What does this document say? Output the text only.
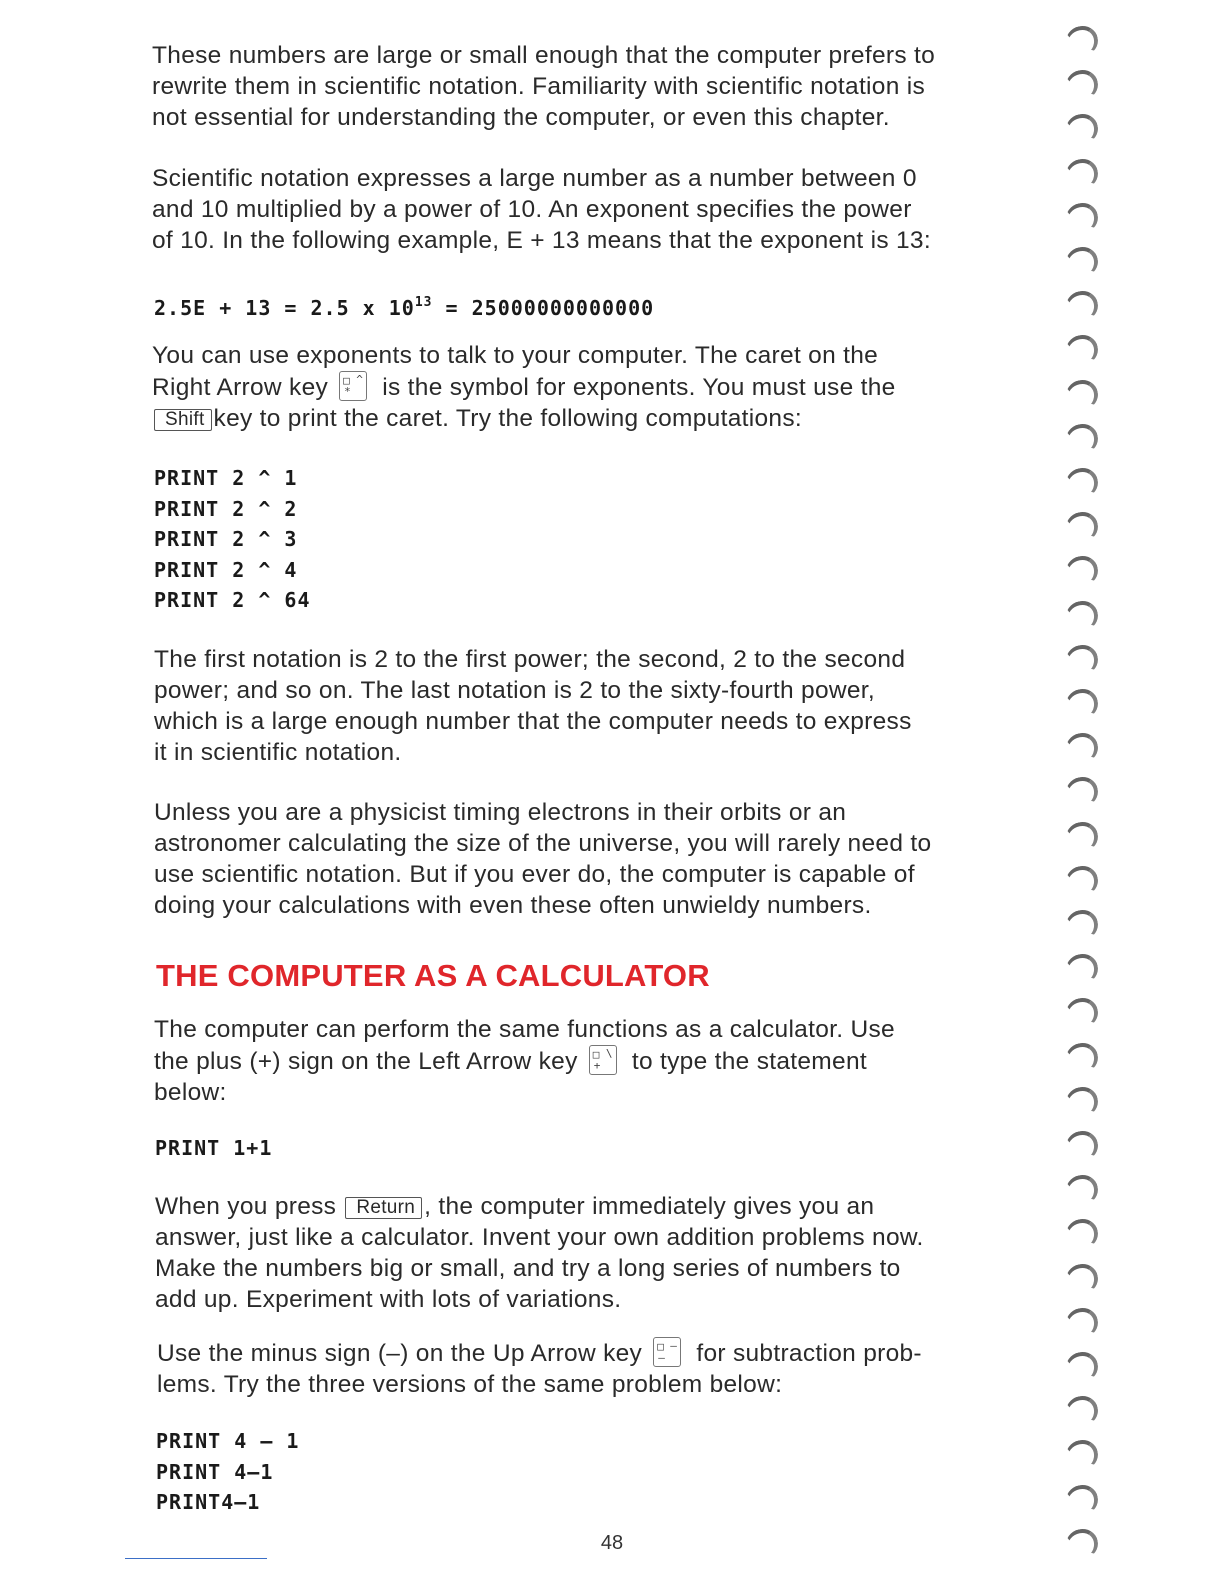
These numbers are large or small enough that the computer prefers to
rewrite them in scientific notation. Familiarity with scientific notation is
not essential for understanding the computer, or even this chapter.

Scientific notation expresses a large number as a number between 0
and 10 multiplied by a power of 10. An exponent specifies the power
of 10. In the following example, E + 13 means that the exponent is 13:

2.5E + 13 = 2.5 x $10^{13} = 25000000000000$

You can use exponents to talk to your computer. The caret on the
Right Arrow key □ ^
* is the symbol for exponents. You must use the
Shift key to print the caret. Try the following computations:

PRINT 2 ^ 1
PRINT 2 ^ 2
PRINT 2 ^ 3
PRINT 2 ^ 4
PRINT 2 ^ 64

The first notation is 2 to the first power; the second, 2 to the second
power; and so on. The last notation is 2 to the sixty-fourth power,
which is a large enough number that the computer needs to express
it in scientific notation.

Unless you are a physicist timing electrons in their orbits or an
astronomer calculating the size of the universe, you will rarely need to
use scientific notation. But if you ever do, the computer is capable of
doing your calculations with even these often unwieldy numbers.

THE COMPUTER AS A CALCULATOR

The computer can perform the same functions as a calculator. Use
the plus (+) sign on the Left Arrow key □ \
+ to type the statement
below:

PRINT 1+1

When you press Return , the computer immediately gives you an
answer, just like a calculator. Invent your own addition problems now.
Make the numbers big or small, and try a long series of numbers to
add up. Experiment with lots of variations.

Use the minus sign (–) on the Up Arrow key □ –
– for subtraction prob-
lems. Try the three versions of the same problem below:

PRINT 4 – 1
PRINT 4–1
PRINT4–1
48
